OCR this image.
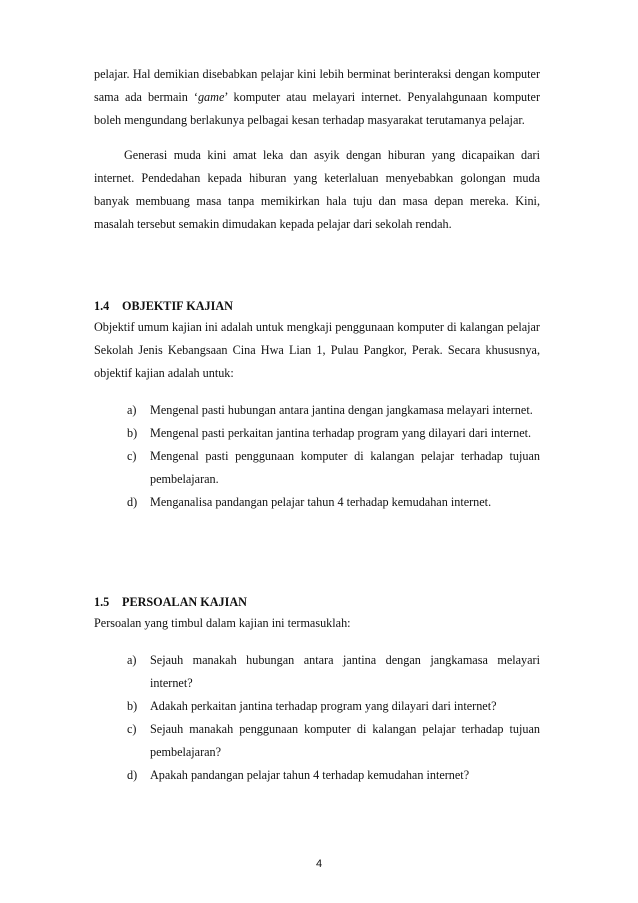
pelajar. Hal demikian disebabkan pelajar kini lebih berminat berinteraksi dengan komputer sama ada bermain ‘game’ komputer atau melayari internet. Penyalahgunaan komputer boleh mengundang berlakunya pelbagai kesan terhadap masyarakat terutamanya pelajar.

Generasi muda kini amat leka dan asyik dengan hiburan yang dicapaikan dari internet. Pendedahan kepada hiburan yang keterlaluan menyebabkan golongan muda banyak membuang masa tanpa memikirkan hala tuju dan masa depan mereka. Kini, masalah tersebut semakin dimudakan kepada pelajar dari sekolah rendah.

1.4 OBJEKTIF KAJIAN

Objektif umum kajian ini adalah untuk mengkaji penggunaan komputer di kalangan pelajar Sekolah Jenis Kebangsaan Cina Hwa Lian 1, Pulau Pangkor, Perak. Secara khususnya, objektif kajian adalah untuk:

a) Mengenal pasti hubungan antara jantina dengan jangkamasa melayari internet.

b) Mengenal pasti perkaitan jantina terhadap program yang dilayari dari internet.

c) Mengenal pasti penggunaan komputer di kalangan pelajar terhadap tujuan pembelajaran.

d) Menganalisa pandangan pelajar tahun 4 terhadap kemudahan internet.

1.5 PERSOALAN KAJIAN

Persoalan yang timbul dalam kajian ini termasuklah:

a) Sejauh manakah hubungan antara jantina dengan jangkamasa melayari internet?

b) Adakah perkaitan jantina terhadap program yang dilayari dari internet?

c) Sejauh manakah penggunaan komputer di kalangan pelajar terhadap tujuan pembelajaran?

d) Apakah pandangan pelajar tahun 4 terhadap kemudahan internet?

4
